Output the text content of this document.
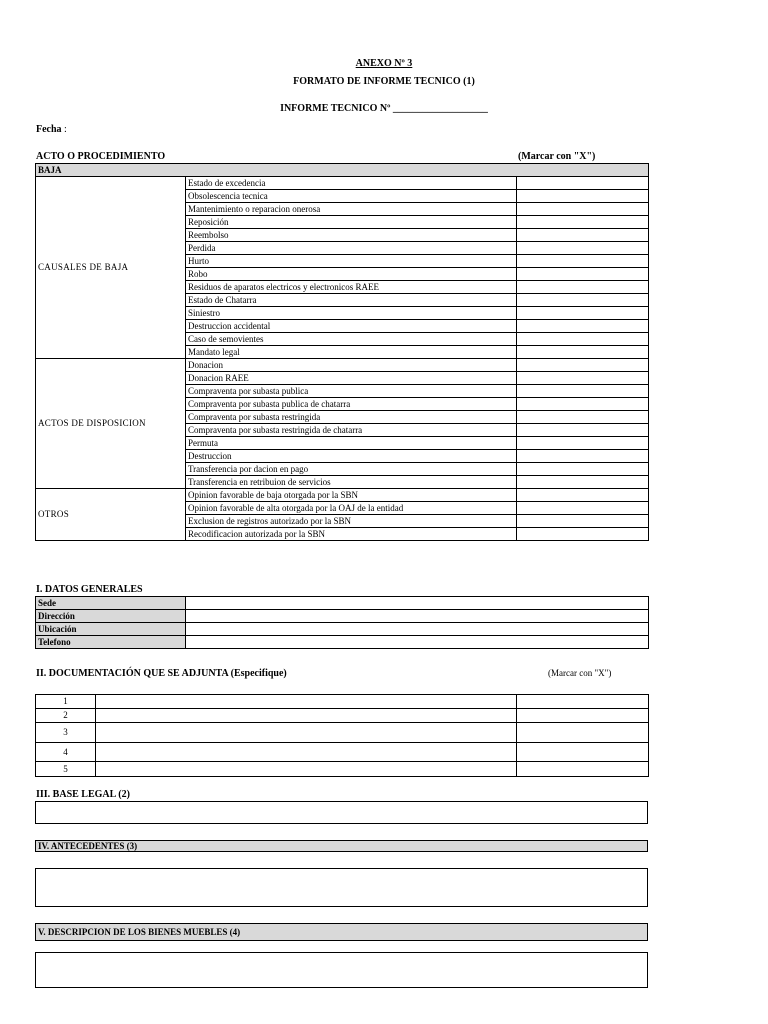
ANEXO Nº 3
FORMATO DE INFORME TECNICO (1)
INFORME TECNICO Nº ___________________
Fecha :
ACTO O PROCEDIMIENTO	(Marcar con "X")
BAJA		
CAUSALES DE BAJA	Estado de excedencia	
	Obsolescencia tecnica	
	Mantenimiento o reparacion onerosa	
	Reposición	
	Reembolso	
	Perdida	
	Hurto	
	Robo	
	Residuos de aparatos electricos y electronicos RAEE	
	Estado de Chatarra	
	Siniestro	
	Destruccion accidental	
	Caso de semovientes	
	Mandato legal	
ACTOS DE DISPOSICION	Donacion	
	Donacion RAEE	
	Compraventa por subasta publica	
	Compraventa por subasta publica de chatarra	
	Compraventa por subasta restringida	
	Compraventa por subasta restringida de chatarra	
	Permuta	
	Destruccion	
	Transferencia por dacion en pago	
	Transferencia en retribuion de servicios	
OTROS	Opinion favorable de baja otorgada por la SBN	
	Opinion favorable de alta otorgada por la OAJ de la entidad	
	Exclusion de registros autorizado por la SBN	
	Recodificacion autorizada por la SBN	
I. DATOS GENERALES
Sede	
Dirección	
Ubicación	
Telefono	
II. DOCUMENTACIÓN QUE SE ADJUNTA (Especifique)	(Marcar con "X")
1		
2		
3		
4		
5		
III. BASE LEGAL (2)
IV. ANTECEDENTES (3)
V. DESCRIPCION DE LOS BIENES MUEBLES (4)
